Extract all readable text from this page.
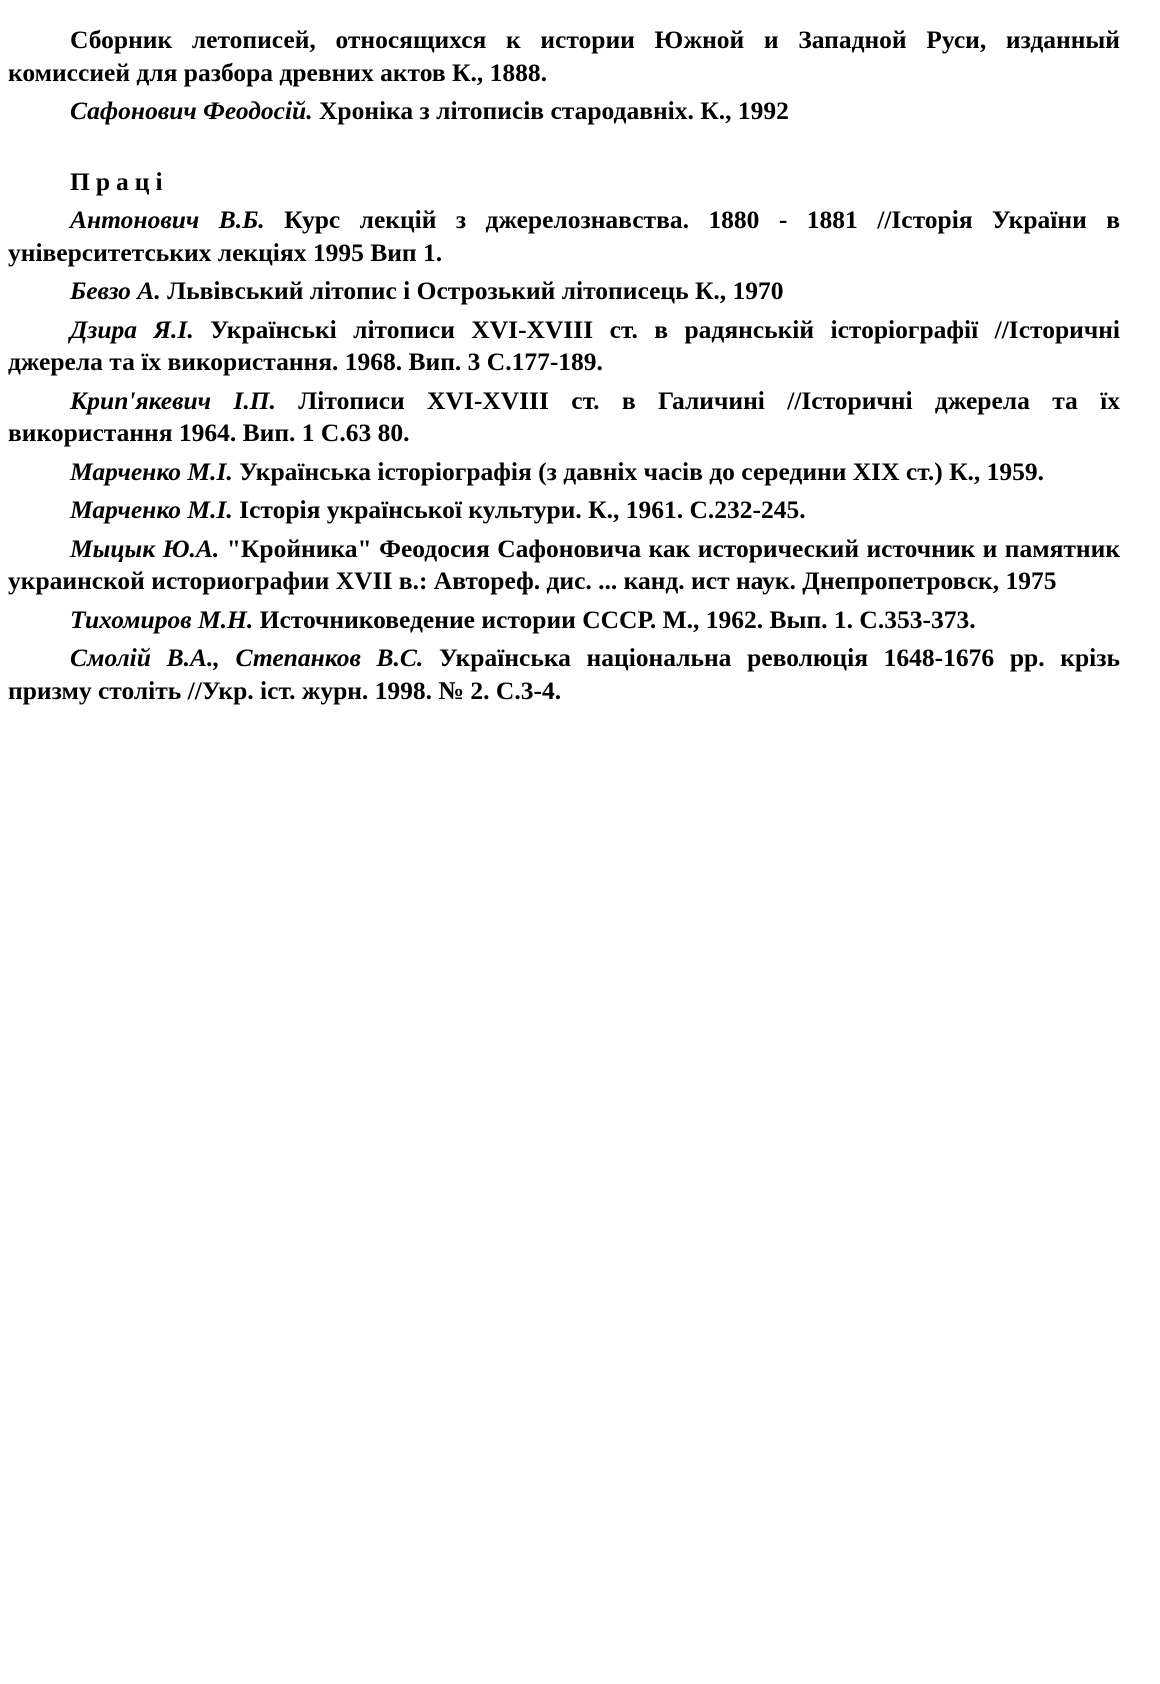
Сборник летописей, относящихся к истории Южной и Западной Руси, изданный комиссией для разбора древних актов К., 1888.

Сафонович Феодосій. Хроніка з літописів стародавніх. К., 1992

Праці

Антонович В.Б. Курс лекцій з джерелознавства. 1880 - 1881 //Історія України в університетських лекціях 1995 Вип 1.

Бевзо А. Львівський літопис і Острозький літописець К., 1970

Дзира Я.І. Українські літописи XVI-XVIII ст. в радянській історіографії //Історичні джерела та їх використання. 1968. Вип. 3 С.177-189.

Крип'якевич І.П. Літописи XVI-XVIII ст. в Галичині //Історичні джерела та їх використання 1964. Вип. 1 С.63 80.

Марченко М.І. Українська історіографія (з давніх часів до середини XIX ст.) К., 1959.

Марченко М.І. Історія української культури. К., 1961. С.232-245.

Мыцык Ю.А. "Кройника" Феодосия Сафоновича как исторический источник и памятник украинской историографии XVII в.: Автореф. дис. ... канд. ист наук. Днепропетровск, 1975

Тихомиров М.Н. Источниковедение истории СССР. М., 1962. Вып. 1. С.353-373.

Смолій В.А., Степанков В.С. Українська національна революція 1648-1676 рр. крізь призму століть //Укр. іст. журн. 1998. № 2. С.3-4.
